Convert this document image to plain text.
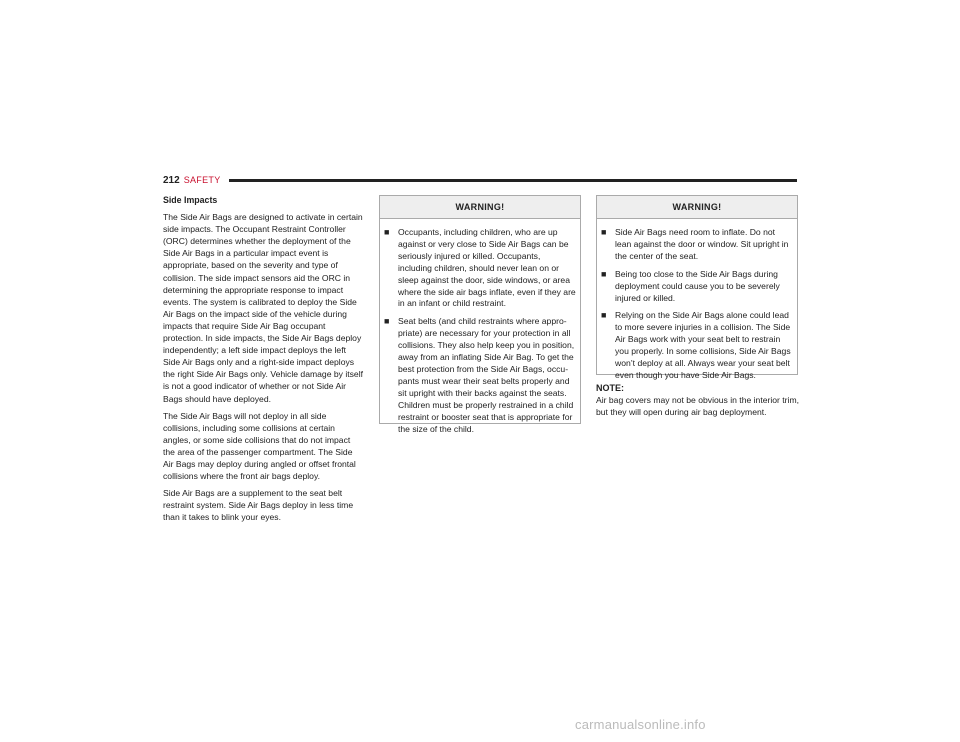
212 SAFETY
Side Impacts

The Side Air Bags are designed to activate in certain side impacts. The Occupant Restraint Controller (ORC) determines whether the deployment of the Side Air Bags in a particular impact event is appropriate, based on the severity and type of collision. The side impact sensors aid the ORC in determining the appropriate response to impact events. The system is calibrated to deploy the Side Air Bags on the impact side of the vehicle during impacts that require Side Air Bag occupant protection. In side impacts, the Side Air Bags deploy independently; a left side impact deploys the left Side Air Bags only and a right-side impact deploys the right Side Air Bags only. Vehicle damage by itself is not a good indicator of whether or not Side Air Bags should have deployed.

The Side Air Bags will not deploy in all side collisions, including some collisions at certain angles, or some side collisions that do not impact the area of the passenger compartment. The Side Air Bags may deploy during angled or offset frontal collisions where the front air bags deploy.

Side Air Bags are a supplement to the seat belt restraint system. Side Air Bags deploy in less time than it takes to blink your eyes.

WARNING!
■ Occupants, including children, who are up against or very close to Side Air Bags can be seriously injured or killed. Occupants, including children, should never lean on or sleep against the door, side windows, or area where the side air bags inflate, even if they are in an infant or child restraint.
■ Seat belts (and child restraints where appro-priate) are necessary for your protection in all collisions. They also help keep you in position, away from an inflating Side Air Bag. To get the best protection from the Side Air Bags, occu-pants must wear their seat belts properly and sit upright with their backs against the seats. Children must be properly restrained in a child restraint or booster seat that is appropriate for the size of the child.
WARNING!
■ Side Air Bags need room to inflate. Do not lean against the door or window. Sit upright in the center of the seat.
■ Being too close to the Side Air Bags during deployment could cause you to be severely injured or killed.
■ Relying on the Side Air Bags alone could lead to more severe injuries in a collision. The Side Air Bags work with your seat belt to restrain you properly. In some collisions, Side Air Bags won’t deploy at all. Always wear your seat belt even though you have Side Air Bags.
NOTE:
Air bag covers may not be obvious in the interior trim, but they will open during air bag deployment.
carmanualsonline.info
